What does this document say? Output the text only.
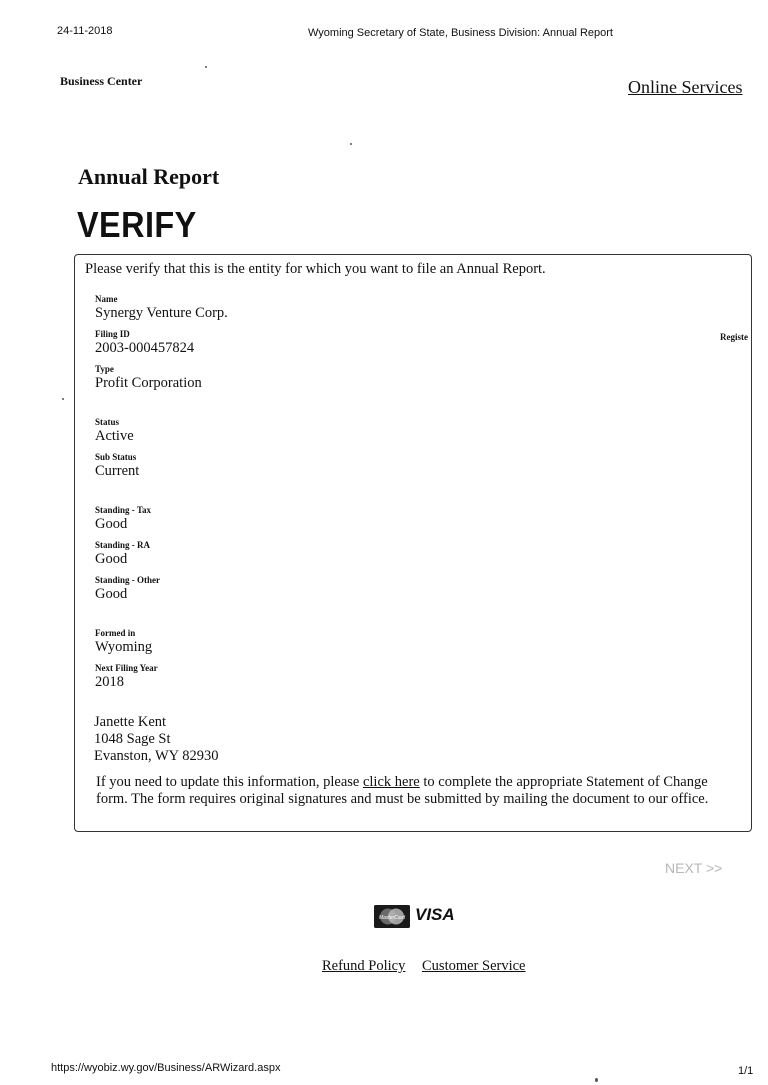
24-11-2018	Wyoming Secretary of State, Business Division: Annual Report
Business Center	Online Services
Annual Report
VERIFY
Please verify that this is the entity for which you want to file an Annual Report.
Registe
Name
Synergy Venture Corp.
Filing ID
2003-000457824
Type
Profit Corporation
Status
Active
Sub Status
Current
Standing - Tax
Good
Standing - RA
Good
Standing - Other
Good
Formed in
Wyoming
Next Filing Year
2018
Janette Kent
1048 Sage St
Evanston, WY 82930
If you need to update this information, please click here to complete the appropriate Statement of Change form. The form requires original signatures and must be submitted by mailing the document to our office.
NEXT >>
MasterCard VISA
Refund Policy Customer Service
https://wyobiz.wy.gov/Business/ARWizard.aspx	1/1
